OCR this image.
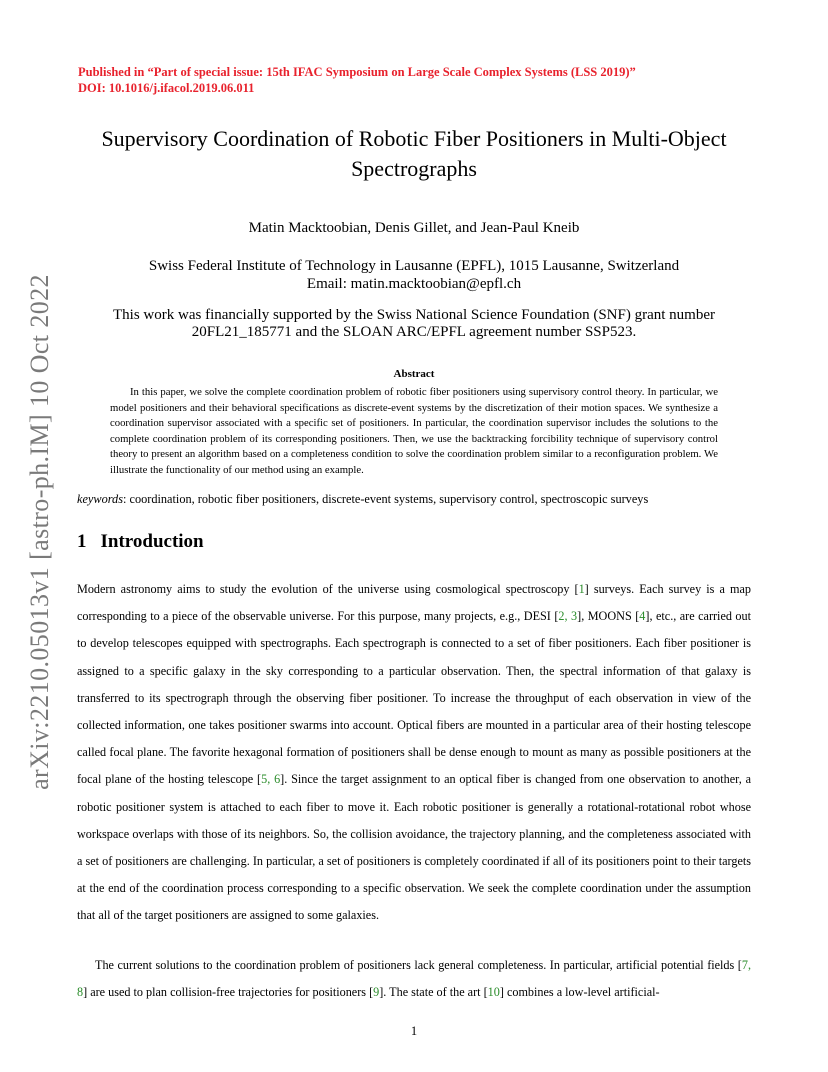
Published in “Part of special issue: 15th IFAC Symposium on Large Scale Complex Systems (LSS 2019)”
DOI: 10.1016/j.ifacol.2019.06.011
Supervisory Coordination of Robotic Fiber Positioners in Multi-Object
Spectrographs
Matin Macktoobian, Denis Gillet, and Jean-Paul Kneib
Swiss Federal Institute of Technology in Lausanne (EPFL), 1015 Lausanne, Switzerland
Email: matin.macktoobian@epfl.ch
This work was financially supported by the Swiss National Science Foundation (SNF) grant number
20FL21_185771 and the SLOAN ARC/EPFL agreement number SSP523.
Abstract

In this paper, we solve the complete coordination problem of robotic fiber positioners using supervisory control theory. In particular, we model positioners and their behavioral specifications as discrete-event systems by the discretization of their motion spaces. We synthesize a coordination supervisor associated with a specific set of positioners. In particular, the coordination supervisor includes the solutions to the complete coordination problem of its corresponding positioners. Then, we use the backtracking forcibility technique of supervisory control theory to present an algorithm based on a completeness condition to solve the coordination problem similar to a reconfiguration problem. We illustrate the functionality of our method using an example.

keywords: coordination, robotic fiber positioners, discrete-event systems, supervisory control, spectroscopic surveys
1 Introduction

Modern astronomy aims to study the evolution of the universe using cosmological spectroscopy [ 1 ] surveys. Each survey is a map corresponding to a piece of the observable universe. For this purpose, many projects, e.g., DESI [ 2, 3 ] , MOONS [ 4 ] , etc., are carried out to develop telescopes equipped with spectrographs. Each spectrograph is connected to a set of fiber positioners. Each fiber positioner is assigned to a specific galaxy in the sky corresponding to a particular observation. Then, the spectral information of that galaxy is transferred to its spectrograph through the observing fiber positioner. To increase the throughput of each observation in view of the collected information, one takes positioner swarms into account. Optical fibers are mounted in a particular area of their hosting telescope called focal plane. The favorite hexagonal formation of positioners shall be dense enough to mount as many as possible positioners at the focal plane of the hosting telescope [ 5, 6 ] . Since the target assignment to an optical fiber is changed from one observation to another, a robotic positioner system is attached to each fiber to move it. Each robotic positioner is generally a rotational-rotational robot whose workspace overlaps with those of its neighbors. So, the collision avoidance, the trajectory planning, and the completeness associated with a set of positioners are challenging. In particular, a set of positioners is completely coordinated if all of its positioners point to their targets at the end of the coordination process corresponding to a specific observation. We seek the complete coordination under the assumption that all of the target positioners are assigned to some galaxies.

The current solutions to the coordination problem of positioners lack general completeness. In particular, artificial potential fields [ 7, 8 ] are used to plan collision-free trajectories for positioners [ 9 ] . The state of the art [ 10 ] combines a low-level artificial-

1
arXiv:2210.05013v1 [astro-ph.IM] 10 Oct 2022
